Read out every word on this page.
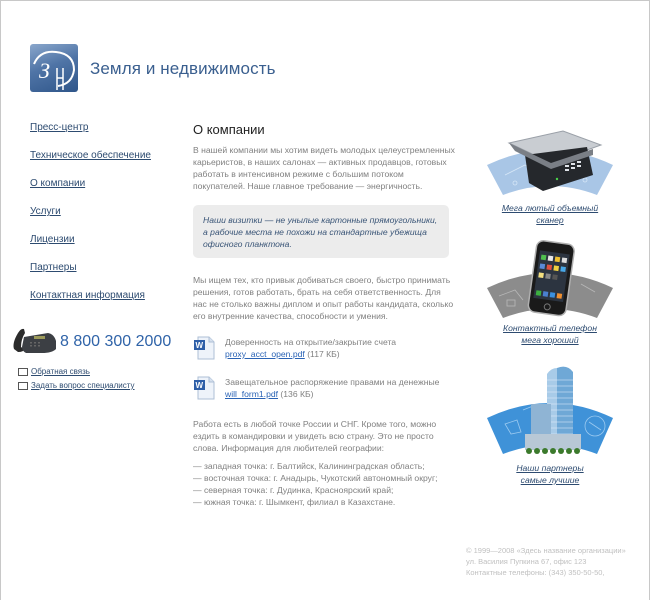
З Земля и недвижимость
Пресс-центр
Техническое обеспечение
О компании
Услуги
Лицензии
Партнеры
Контактная информация
8 800 300 2000
Обратная связь
Задать вопрос специалисту
О компании

В нашей компании мы хотим видеть молодых целеустремленных карьеристов, в наших салонах — активных продавцов, готовых работать в интенсивном режиме с большим потоком покупателей. Наше главное требование — энергичность.

Наши визитки — не унылые картонные прямоугольники, а рабочие места не похожи на стандартные убежища офисного планктона.

Мы ищем тех, кто привык добиваться своего, быстро принимать решения, готов работать, брать на себя ответственность. Для нас не столько важны диплом и опыт работы кандидата, сколько его внутренние качества, способности и умения.

W	Доверенность на открытие/закрытие счета
proxy_acct_open.pdf (117 КБ)
W	Завещательное распоряжение правами на денежные
will_form1.pdf (136 КБ)

Работа есть в любой точке России и СНГ. Кроме того, можно ездить в командировки и увидеть всю страну. Это не просто слова. Информация для любителей географии:

— западная точка: г. Балтийск, Калининградская область;

— восточная точка: г. Анадырь, Чукотский автономный округ;

— северная точка: г. Дудинка, Красноярский край;

— южная точка: г. Шымкент, филиал в Казахстане.

Мега лютый объемный
сканер
Контактный телефон
мега хороший
Наши партнеры
самые лучшие
© 1999—2008 «Здесь название организации»
ул. Василия Пупкина 67, офис 123
Контактные телефоны: (343) 350-50-50,
